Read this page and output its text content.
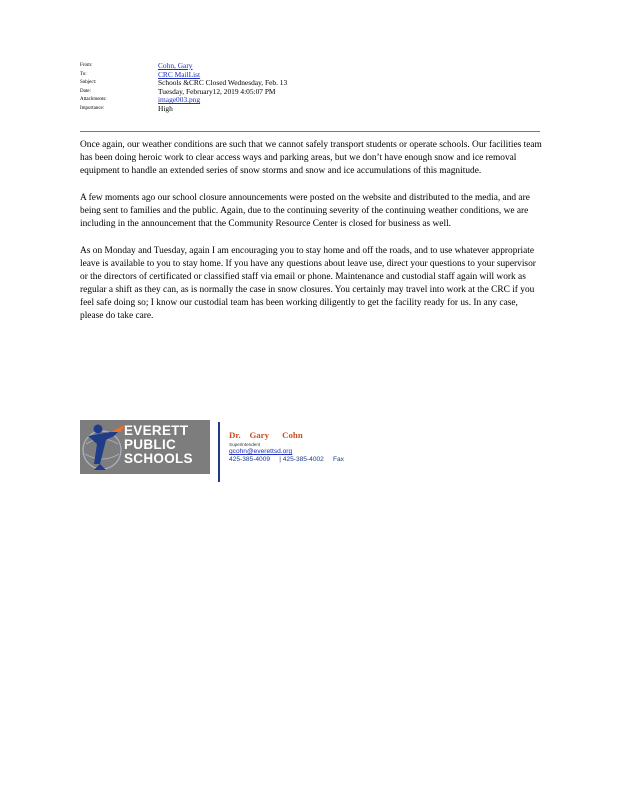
From:	Cohn, Gary
To:	CRC MailList
Subject:	Schools &CRC Closed Wednesday, Feb. 13
Date:	Tuesday, February12, 2019 4:05:07 PM
Attachments:	image003.png
Importance:	High

Once again, our weather conditions are such that we cannot safely transport students or operate schools. Our facilities team has been doing heroic work to clear access ways and parking areas, but we don’t have enough snow and ice removal equipment to handle an extended series of snow storms and snow and ice accumulations of this magnitude.

A few moments ago our school closure announcements were posted on the website and distributed to the media, and are being sent to families and the public. Again, due to the continuing severity of the continuing weather conditions, we are including in the announcement that the Community Resource Center is closed for business as well.

As on Monday and Tuesday, again I am encouraging you to stay home and off the roads, and to use whatever appropriate leave is available to you to stay home. If you have any questions about leave use, direct your questions to your supervisor or the directors of certificated or classified staff via email or phone. Maintenance and custodial staff again will work as regular a shift as they can, as is normally the case in snow closures. You certainly may travel into work at the CRC if you feel safe doing so; I know our custodial team has been working diligently to get the facility ready for us. In any case, please do take care.

EVERETT
PUBLIC
SCHOOLS
Dr.    Gary      Cohn
Superintendent
gcohn@everettsd.org
425-385-4009     | 425-385-4002     Fax
